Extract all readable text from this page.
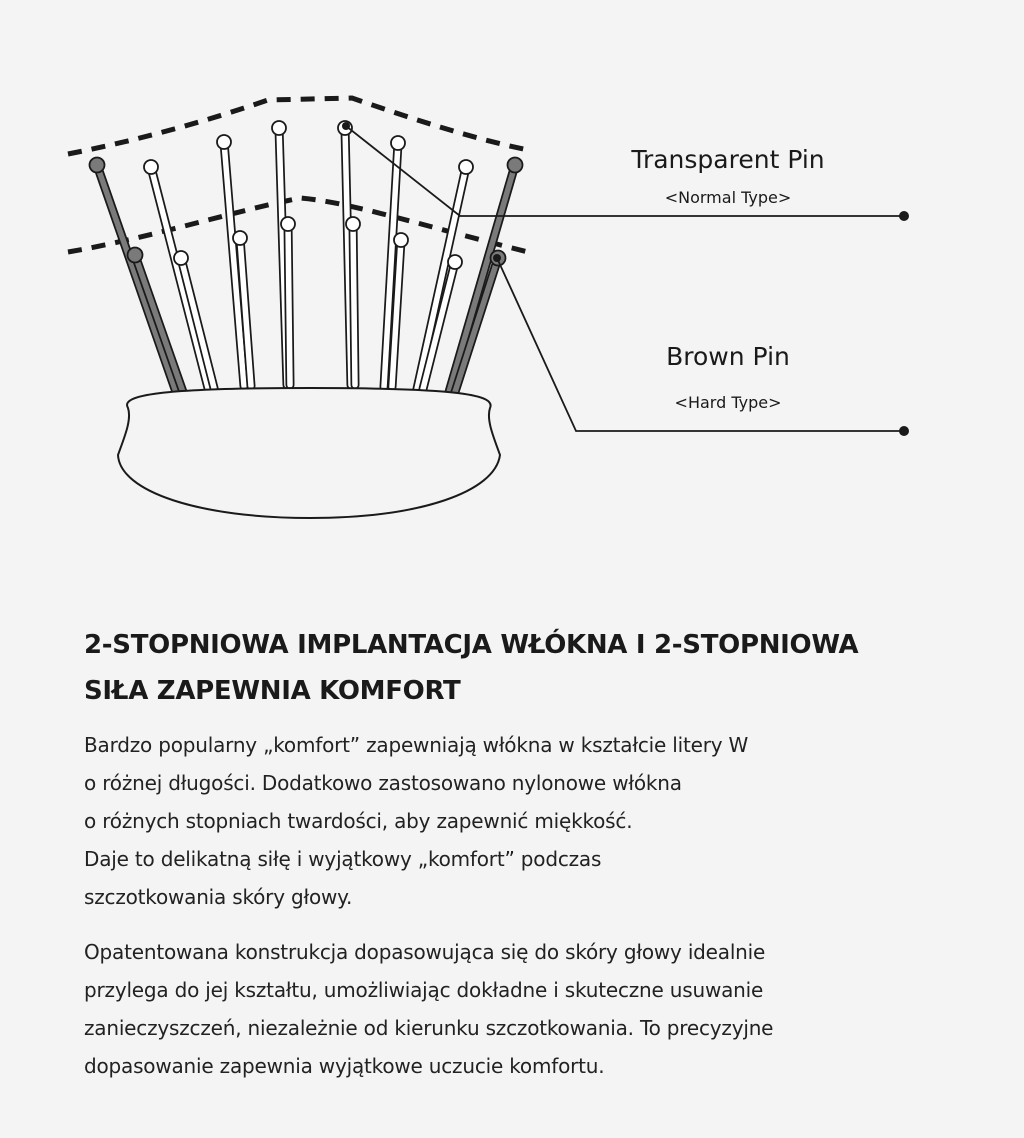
Transparent Pin
<Normal Type>
Brown Pin
<Hard Type>
2-STOPNIOWA IMPLANTACJA WŁÓKNA I 2-STOPNIOWA
SIŁA ZAPEWNIA KOMFORT

Bardzo popularny „komfort” zapewniają włókna w kształcie litery W
o różnej długości. Dodatkowo zastosowano nylonowe włókna
o różnych stopniach twardości, aby zapewnić miękkość.
Daje to delikatną siłę i wyjątkowy „komfort” podczas
szczotkowania skóry głowy.

Opatentowana konstrukcja dopasowująca się do skóry głowy idealnie
przylega do jej kształtu, umożliwiając dokładne i skuteczne usuwanie
zanieczyszczeń, niezależnie od kierunku szczotkowania. To precyzyjne
dopasowanie zapewnia wyjątkowe uczucie komfortu.
